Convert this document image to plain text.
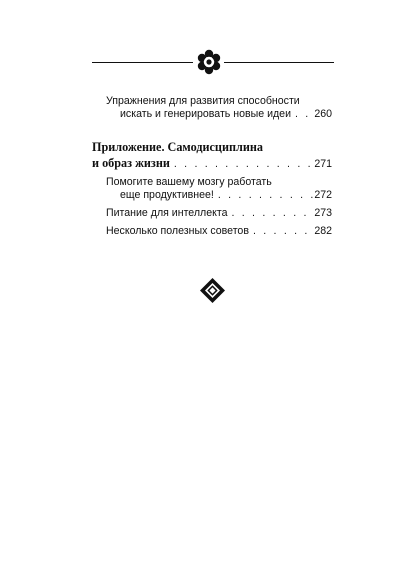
Упражнения для развития способности
искать и генерировать новые идеи . . . 260
Приложение. Самодисциплина
и образ жизни . . .	271
Помогите вашему мозгу работать
еще продуктивнее! . . .	272
Питание для интеллекта . . .	273
Несколько полезных советов . . .	282
